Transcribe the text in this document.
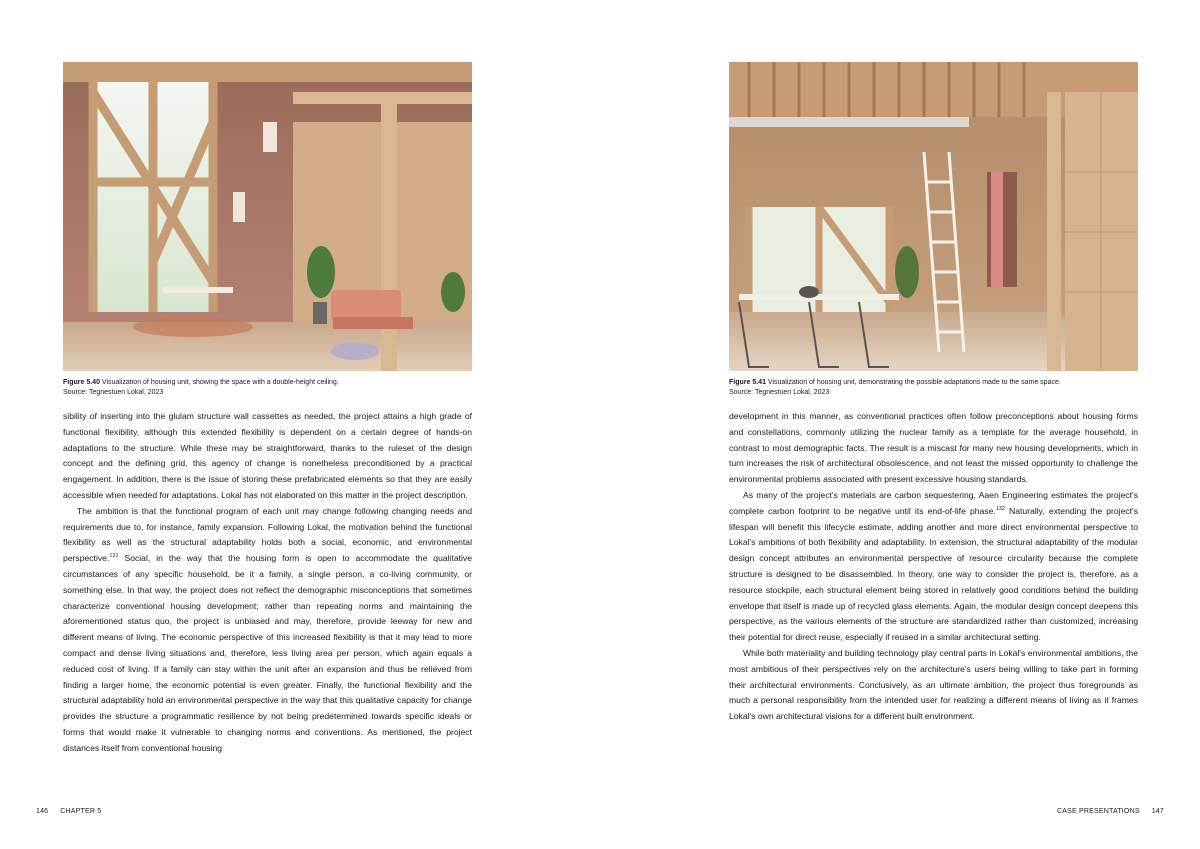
Figure 5.40 Visualization of housing unit, showing the space with a double-height ceiling.
Source: Tegnestuen Lokal, 2023

sibility of inserting into the glulam structure wall cassettes as needed, the project attains a high grade of functional flexibility, although this extended flexibility is dependent on a certain degree of hands-on adaptations to the structure. While these may be straightforward, thanks to the ruleset of the design concept and the defining grid, this agency of change is nonetheless preconditioned by a practical engagement. In addition, there is the issue of storing these prefabricated elements so that they are easily accessible when needed for adaptations. Lokal has not elaborated on this matter in the project description.

The ambition is that the functional program of each unit may change following changing needs and requirements due to, for instance, family expansion. Following Lokal, the motivation behind the functional flexibility as well as the structural adaptability holds both a social, economic, and environmental perspective.$^{131}$ Social, in the way that the housing form is open to accommodate the qualitative circumstances of any specific household, be it a family, a single person, a co-living community, or something else. In that way, the project does not reflect the demographic misconceptions that sometimes characterize conventional housing development; rather than repeating norms and maintaining the aforementioned status quo, the project is unbiased and may, therefore, provide leeway for new and different means of living. The economic perspective of this increased flexibility is that it may lead to more compact and dense living situations and, therefore, less living area per person, which again equals a reduced cost of living. If a family can stay within the unit after an expansion and thus be relieved from finding a larger home, the economic potential is even greater. Finally, the functional flexibility and the structural adaptability hold an environmental perspective in the way that this qualitative capacity for change provides the structure a programmatic resilience by not being predetermined towards specific ideals or forms that would make it vulnerable to changing norms and conventions. As mentioned, the project distances itself from conventional housing

146 CHAPTER 5
Figure 5.41 Visualization of housing unit, demonstrating the possible adaptations made to the same space.
Source: Tegnestuen Lokal, 2023

development in this manner, as conventional practices often follow preconceptions about housing forms and constellations, commonly utilizing the nuclear family as a template for the average household, in contrast to most demographic facts. The result is a miscast for many new housing developments, which in turn increases the risk of architectural obsolescence, and not least the missed opportunity to challenge the environmental problems associated with present excessive housing standards.

As many of the project's materials are carbon sequestering, Aaen Engineering estimates the project's complete carbon footprint to be negative until its end-of-life phase.$^{132}$ Naturally, extending the project's lifespan will benefit this lifecycle estimate, adding another and more direct environmental perspective to Lokal's ambitions of both flexibility and adaptability. In extension, the structural adaptability of the modular design concept attributes an environmental perspective of resource circularity because the complete structure is designed to be disassembled. In theory, one way to consider the project is, therefore, as a resource stockpile, each structural element being stored in relatively good conditions behind the building envelope that itself is made up of recycled glass elements. Again, the modular design concept deepens this perspective, as the various elements of the structure are standardized rather than customized, increasing their potential for direct reuse, especially if reused in a similar architectural setting.

While both materiality and building technology play central parts in Lokal's environmental ambitions, the most ambitious of their perspectives rely on the architecture's users being willing to take part in forming their architectural environments. Conclusively, as an ultimate ambition, the project thus foregrounds as much a personal responsibility from the intended user for realizing a different means of living as it frames Lokal's own architectural visions for a different built environment.

CASE PRESENTATIONS 147
